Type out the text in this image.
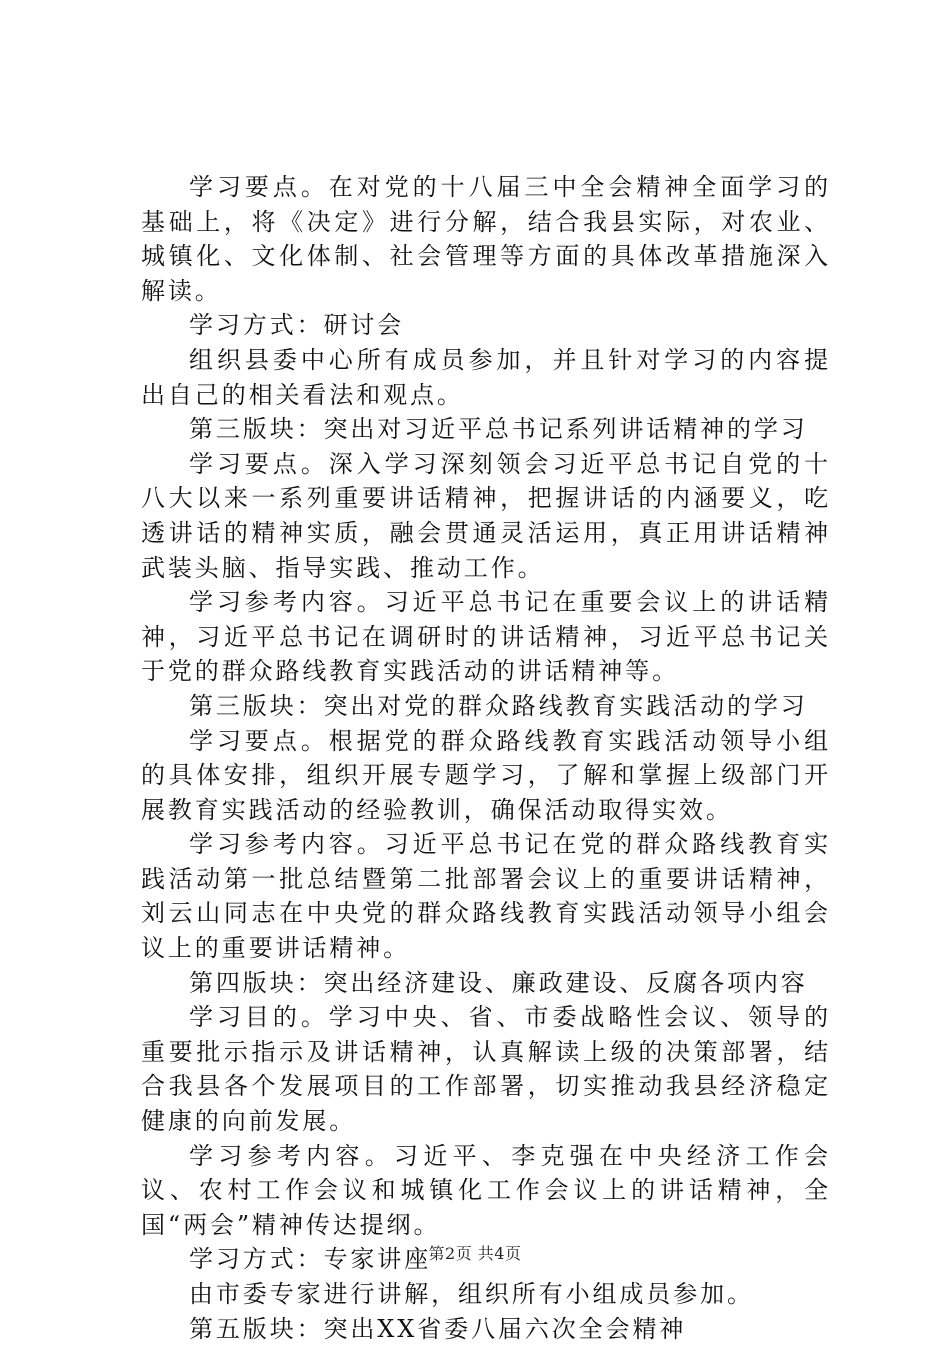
学习要点。在对党的十八届三中全会精神全面学习的基础上，将《决定》进行分解，结合我县实际，对农业、城镇化、文化体制、社会管理等方面的具体改革措施深入解读。

学习方式：研讨会

组织县委中心所有成员参加，并且针对学习的内容提出自己的相关看法和观点。

第三版块：突出对习近平总书记系列讲话精神的学习

学习要点。深入学习深刻领会习近平总书记自党的十八大以来一系列重要讲话精神，把握讲话的内涵要义，吃透讲话的精神实质，融会贯通灵活运用，真正用讲话精神武装头脑、指导实践、推动工作。

学习参考内容。习近平总书记在重要会议上的讲话精神，习近平总书记在调研时的讲话精神，习近平总书记关于党的群众路线教育实践活动的讲话精神等。

第三版块：突出对党的群众路线教育实践活动的学习

学习要点。根据党的群众路线教育实践活动领导小组的具体安排，组织开展专题学习，了解和掌握上级部门开展教育实践活动的经验教训，确保活动取得实效。

学习参考内容。习近平总书记在党的群众路线教育实践活动第一批总结暨第二批部署会议上的重要讲话精神，刘云山同志在中央党的群众路线教育实践活动领导小组会议上的重要讲话精神。

第四版块：突出经济建设、廉政建设、反腐各项内容

学习目的。学习中央、省、市委战略性会议、领导的重要批示指示及讲话精神，认真解读上级的决策部署，结合我县各个发展项目的工作部署，切实推动我县经济稳定健康的向前发展。

学习参考内容。习近平、李克强在中央经济工作会议、农村工作会议和城镇化工作会议上的讲话精神，全国“两会”精神传达提纲。

学习方式：专家讲座

由市委专家进行讲解，组织所有小组成员参加。

第五版块：突出XX省委八届六次全会精神

第2页 共4页
